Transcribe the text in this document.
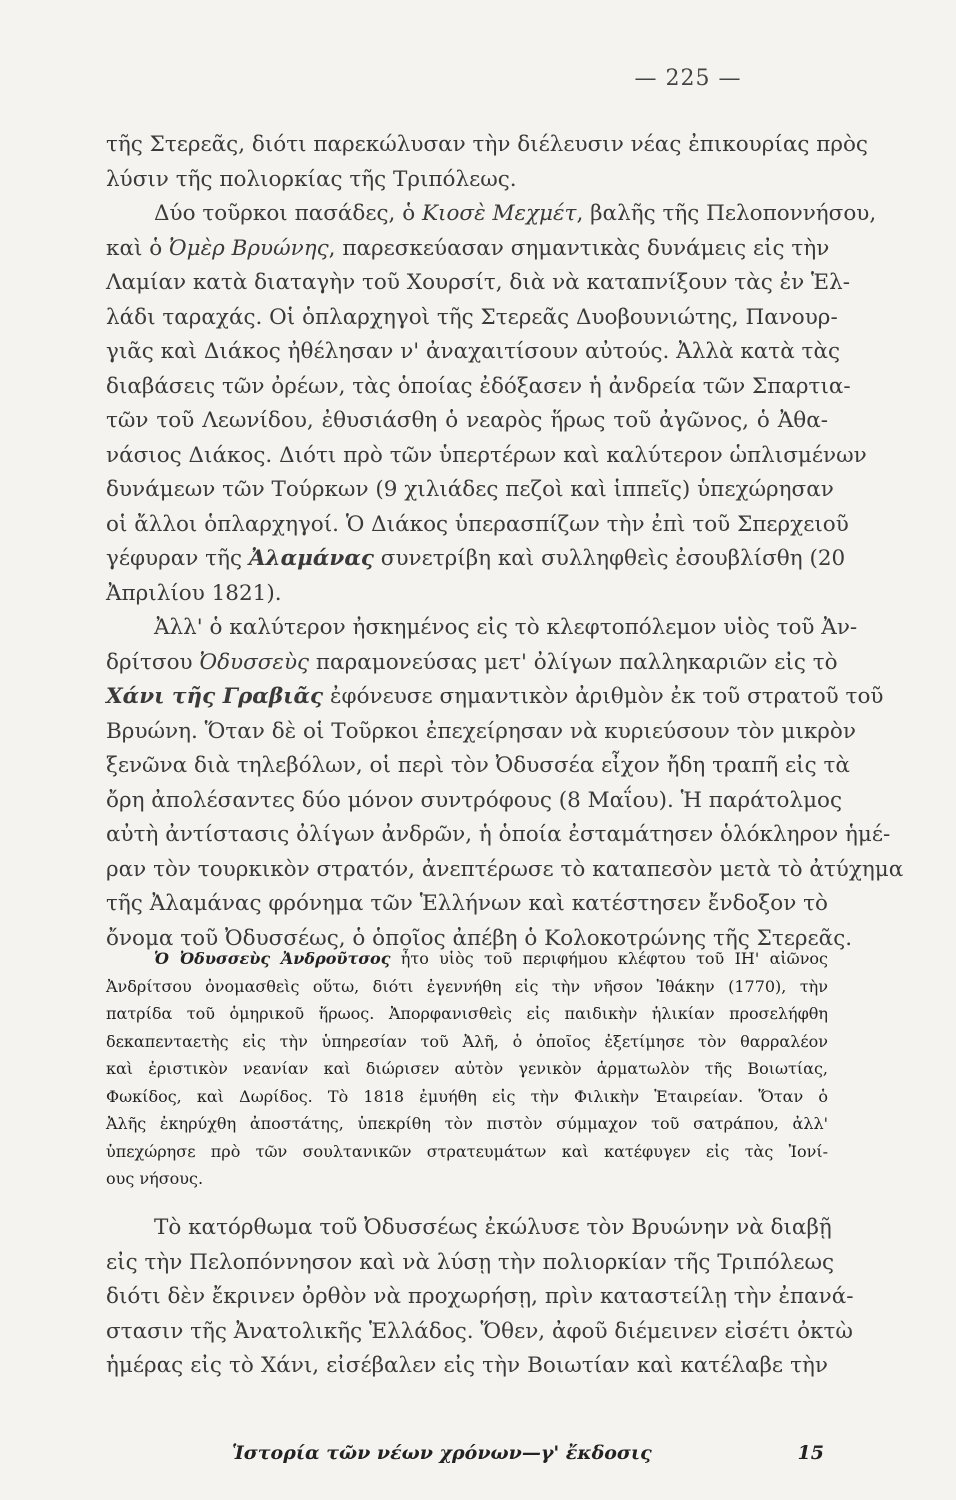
— 225 —
τῆς Στερεᾶς, διότι παρεκώλυσαν τὴν διέλευσιν νέας ἐπικουρίας πρὸς
λύσιν τῆς πολιορκίας τῆς Τριπόλεως.
Δύο τοῦρκοι πασάδες, ὁ Κιοσὲ Μεχμέτ, βαλῆς τῆς Πελοποννήσου,
καὶ ὁ Ὀμὲρ Βρυώνης, παρεσκεύασαν σημαντικὰς δυνάμεις εἰς τὴν
Λαμίαν κατὰ διαταγὴν τοῦ Χουρσίτ, διὰ νὰ καταπνίξουν τὰς ἐν Ἑλ-
λάδι ταραχάς. Οἱ ὁπλαρχηγοὶ τῆς Στερεᾶς Δυοβουνιώτης, Πανουρ-
γιᾶς καὶ Διάκος ἠθέλησαν ν' ἀναχαιτίσουν αὐτούς. Ἀλλὰ κατὰ τὰς
διαβάσεις τῶν ὀρέων, τὰς ὁποίας ἐδόξασεν ἡ ἀνδρεία τῶν Σπαρτια-
τῶν τοῦ Λεωνίδου, ἐθυσιάσθη ὁ νεαρὸς ἥρως τοῦ ἀγῶνος, ὁ Ἀθα-
νάσιος Διάκος. Διότι πρὸ τῶν ὑπερτέρων καὶ καλύτερον ὡπλισμένων
δυνάμεων τῶν Τούρκων (9 χιλιάδες πεζοὶ καὶ ἱππεῖς) ὑπεχώρησαν
οἱ ἄλλοι ὁπλαρχηγοί. Ὁ Διάκος ὑπερασπίζων τὴν ἐπὶ τοῦ Σπερχειοῦ
γέφυραν τῆς Ἀλαμάνας συνετρίβη καὶ συλληφθεὶς ἐσουβλίσθη (20
Ἀπριλίου 1821).
Ἀλλ' ὁ καλύτερον ἠσκημένος εἰς τὸ κλεφτοπόλεμον υἱὸς τοῦ Ἀν-
δρίτσου Ὀδυσσεὺς παραμονεύσας μετ' ὀλίγων παλληκαριῶν εἰς τὸ
Χάνι τῆς Γραβιᾶς ἐφόνευσε σημαντικὸν ἀριθμὸν ἐκ τοῦ στρατοῦ τοῦ
Βρυώνη. Ὅταν δὲ οἱ Τοῦρκοι ἐπεχείρησαν νὰ κυριεύσουν τὸν μικρὸν
ξενῶνα διὰ τηλεβόλων, οἱ περὶ τὸν Ὀδυσσέα εἶχον ἤδη τραπῆ εἰς τὰ
ὄρη ἀπολέσαντες δύο μόνον συντρόφους (8 Μαΐου). Ἡ παράτολμος
αὐτὴ ἀντίστασις ὀλίγων ἀνδρῶν, ἡ ὁποία ἐσταμάτησεν ὁλόκληρον ἡμέ-
ραν τὸν τουρκικὸν στρατόν, ἀνεπτέρωσε τὸ καταπεσὸν μετὰ τὸ ἀτύχημα
τῆς Ἀλαμάνας φρόνημα τῶν Ἑλλήνων καὶ κατέστησεν ἔνδοξον τὸ
ὄνομα τοῦ Ὀδυσσέως, ὁ ὁποῖος ἀπέβη ὁ Κολοκοτρώνης τῆς Στερεᾶς.
Ὁ Ὀδυσσεὺς Ἀνδροῦτσος ἦτο υἱὸς τοῦ περιφήμου κλέφτου τοῦ ΙΗ' αἰῶνος
Ἀνδρίτσου ὀνομασθεὶς οὕτω, διότι ἐγεννήθη εἰς τὴν νῆσον Ἰθάκην (1770), τὴν
πατρίδα τοῦ ὁμηρικοῦ ἥρωος. Ἀπορφανισθεὶς εἰς παιδικὴν ἡλικίαν προσελήφθη
δεκαπενταετὴς εἰς τὴν ὑπηρεσίαν τοῦ Ἀλῆ, ὁ ὁποῖος ἐξετίμησε τὸν θαρραλέον
καὶ ἐριστικὸν νεανίαν καὶ διώρισεν αὐτὸν γενικὸν ἁρματωλὸν τῆς Βοιωτίας,
Φωκίδος, καὶ Δωρίδος. Τὸ 1818 ἐμυήθη εἰς τὴν Φιλικὴν Ἑταιρείαν. Ὅταν ὁ
Ἀλῆς ἐκηρύχθη ἀποστάτης, ὑπεκρίθη τὸν πιστὸν σύμμαχον τοῦ σατράπου, ἀλλ'
ὑπεχώρησε πρὸ τῶν σουλτανικῶν στρατευμάτων καὶ κατέφυγεν εἰς τὰς Ἰονί-
ους νήσους.
Τὸ κατόρθωμα τοῦ Ὀδυσσέως ἐκώλυσε τὸν Βρυώνην νὰ διαβῇ
εἰς τὴν Πελοπόννησον καὶ νὰ λύσῃ τὴν πολιορκίαν τῆς Τριπόλεως
διότι δὲν ἔκρινεν ὀρθὸν νὰ προχωρήσῃ, πρὶν καταστείλῃ τὴν ἐπανά-
στασιν τῆς Ἀνατολικῆς Ἑλλάδος. Ὅθεν, ἀφοῦ διέμεινεν εἰσέτι ὀκτὼ
ἡμέρας εἰς τὸ Χάνι, εἰσέβαλεν εἰς τὴν Βοιωτίαν καὶ κατέλαβε τὴν
Ἱστορία τῶν νέων χρόνων—γ' ἔκδοσις	15
